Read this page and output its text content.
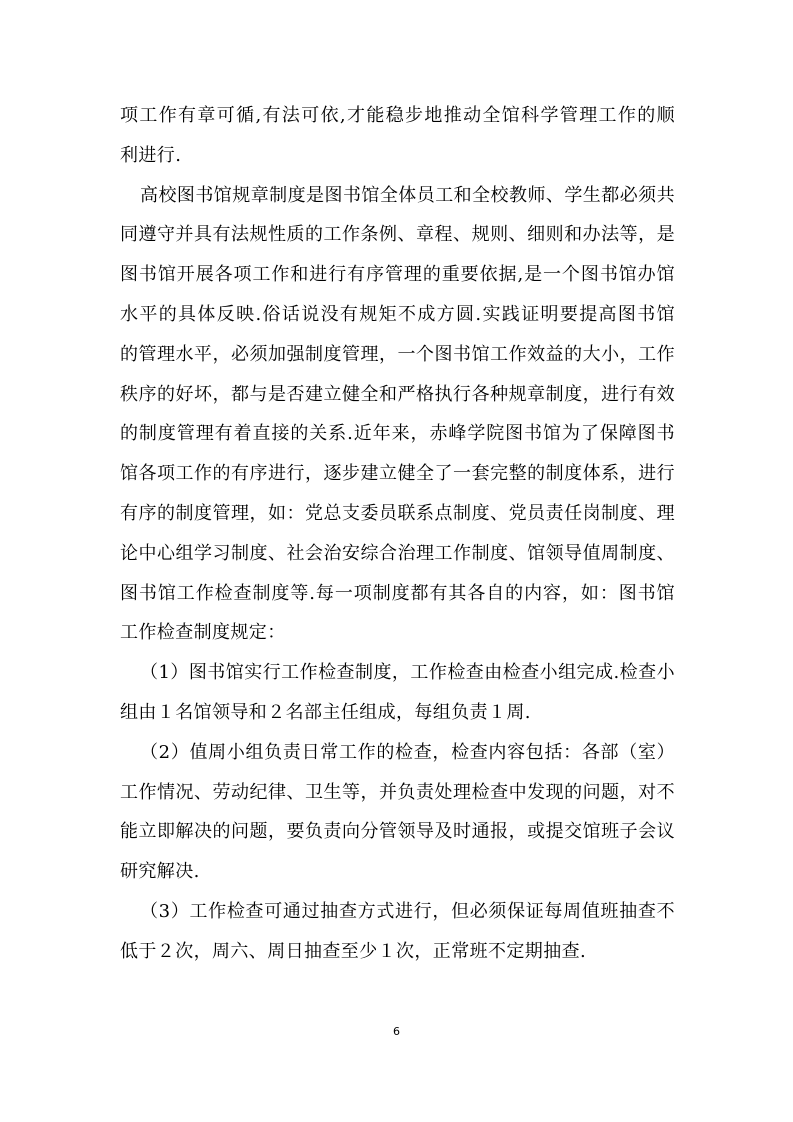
项工作有章可循,有法可依,才能稳步地推动全馆科学管理工作的顺
利进行.
高校图书馆规章制度是图书馆全体员工和全校教师、学生都必须共
同遵守并具有法规性质的工作条例、章程、规则、细则和办法等，是
图书馆开展各项工作和进行有序管理的重要依据,是一个图书馆办馆
水平的具体反映.俗话说没有规矩不成方圆.实践证明要提高图书馆
的管理水平，必须加强制度管理，一个图书馆工作效益的大小，工作
秩序的好坏，都与是否建立健全和严格执行各种规章制度，进行有效
的制度管理有着直接的关系.近年来，赤峰学院图书馆为了保障图书
馆各项工作的有序进行，逐步建立健全了一套完整的制度体系，进行
有序的制度管理，如：党总支委员联系点制度、党员责任岗制度、理
论中心组学习制度、社会治安综合治理工作制度、馆领导值周制度、
图书馆工作检查制度等.每一项制度都有其各自的内容，如：图书馆
工作检查制度规定：
（1）图书馆实行工作检查制度，工作检查由检查小组完成.检查小
组由１名馆领导和２名部主任组成，每组负责１周.
（2）值周小组负责日常工作的检查，检查内容包括：各部（室）
工作情况、劳动纪律、卫生等，并负责处理检查中发现的问题，对不
能立即解决的问题，要负责向分管领导及时通报，或提交馆班子会议
研究解决.
（3）工作检查可通过抽查方式进行，但必须保证每周值班抽查不
低于２次，周六、周日抽查至少１次，正常班不定期抽查.
6
